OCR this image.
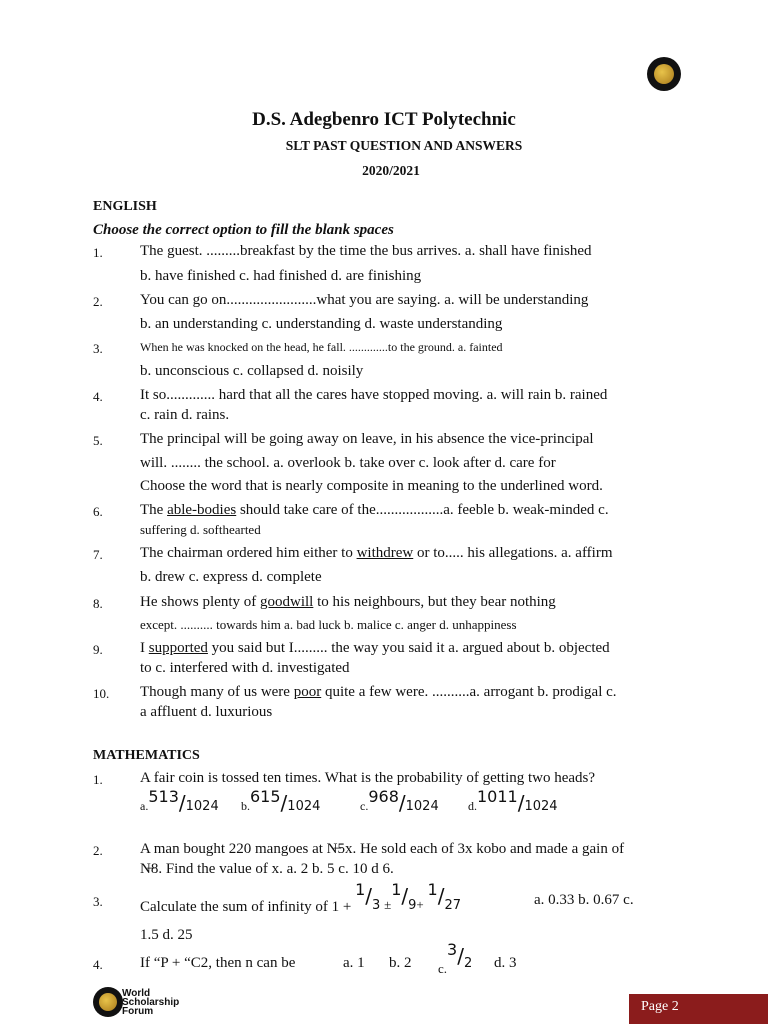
D.S. Adegbenro ICT Polytechnic
SLT PAST QUESTION AND ANSWERS
2020/2021
ENGLISH
Choose the correct option to fill the blank spaces
1. The guest. .........breakfast by the time the bus arrives. a. shall have finished
b. have finished c. had finished d. are finishing
2. You can go on........................what you are saying. a. will be understanding
b. an understanding c. understanding d. waste understanding
3.	When he was knocked on the head, he fall. .............to the ground. a. fainted
b. unconscious c. collapsed d. noisily
4. It so............. hard that all the cares have stopped moving. a. will rain b. rained
c. rain d. rains.
5. The principal will be going away on leave, in his absence the vice-principal
will. ........ the school. a. overlook b. take over c. look after d. care for
Choose the word that is nearly composite in meaning to the underlined word.
6. The able-bodies should take care of the..................a. feeble b. weak-minded c.
suffering d. softhearted
7. The chairman ordered him either to withdrew or to..... his allegations. a. affirm
b. drew c. express d. complete
8. He shows plenty of goodwill to his neighbours, but they bear nothing
except. .......... towards him a. bad luck b. malice c. anger d. unhappiness
9. I supported you said but I......... the way you said it a. argued about b. objected
to c. interfered with d. investigated
10. Though many of us were poor quite a few were. ..........a. arrogant b. prodigal c.
a affluent d. luxurious
MATHEMATICS
1. A fair coin is tossed ten times. What is the probability of getting two heads?
a.513/1024 b.615/1024	c.968/1024 d.1011/1024
2. A man bought 220 mangoes at N̶5x. He sold each of 3x kobo and made a gain of
N̶8. Find the value of x. a. 2 b. 5 c. 10 d 6.
3. Calculate the sum of infinity of 1 + 1/3 ±1/9+ 1/27	a. 0.33 b. 0.67 c.
1.5 d. 25
4. If “P + “C2, then n can be	a. 1 b. 2 $_{c.}3/_2$ d. 3
World
Scholarship
Forum	Page 2
